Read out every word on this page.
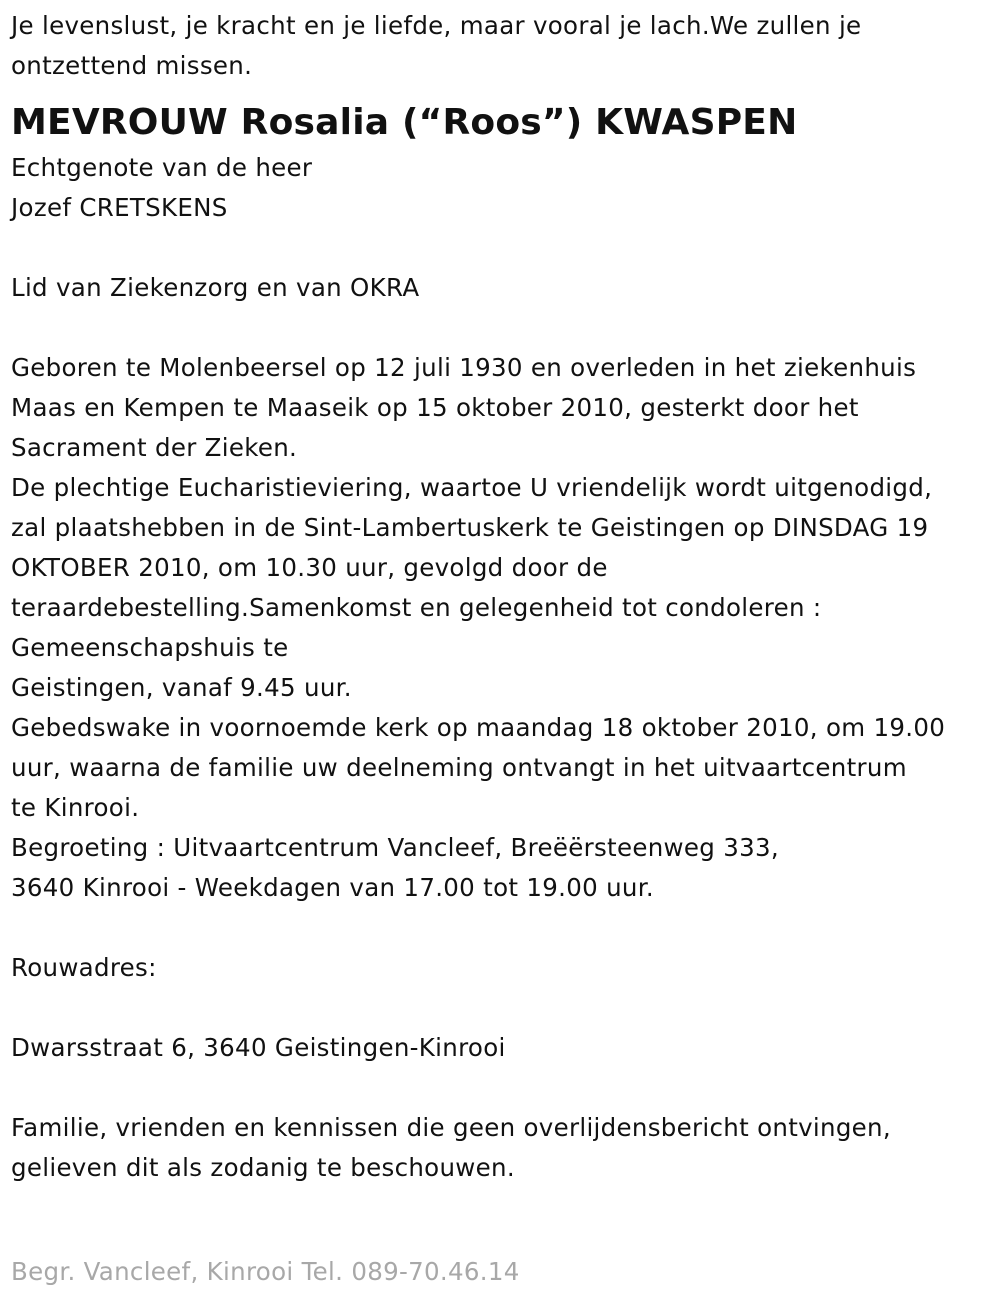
Je levenslust, je kracht en je liefde, maar vooral je lach.We zullen je
ontzettend missen.
MEVROUW Rosalia (“Roos”) KWASPEN
Echtgenote van de heer
Jozef CRETSKENS
Lid van Ziekenzorg en van OKRA
Geboren te Molenbeersel op 12 juli 1930 en overleden in het ziekenhuis
Maas en Kempen te Maaseik op 15 oktober 2010, gesterkt door het
Sacrament der Zieken.
De plechtige Eucharistieviering, waartoe U vriendelijk wordt uitgenodigd,
zal plaatshebben in de Sint-Lambertuskerk te Geistingen op DINSDAG 19
OKTOBER 2010, om 10.30 uur, gevolgd door de
teraardebestelling.Samenkomst en gelegenheid tot condoleren :
Gemeenschapshuis te
Geistingen, vanaf 9.45 uur.
Gebedswake in voornoemde kerk op maandag 18 oktober 2010, om 19.00
uur, waarna de familie uw deelneming ontvangt in het uitvaartcentrum
te Kinrooi.
Begroeting : Uitvaartcentrum Vancleef, Breëërsteenweg 333,
3640 Kinrooi - Weekdagen van 17.00 tot 19.00 uur.
Rouwadres:
Dwarsstraat 6, 3640 Geistingen-Kinrooi
Familie, vrienden en kennissen die geen overlijdensbericht ontvingen,
gelieven dit als zodanig te beschouwen.
Begr. Vancleef, Kinrooi Tel. 089-70.46.14
